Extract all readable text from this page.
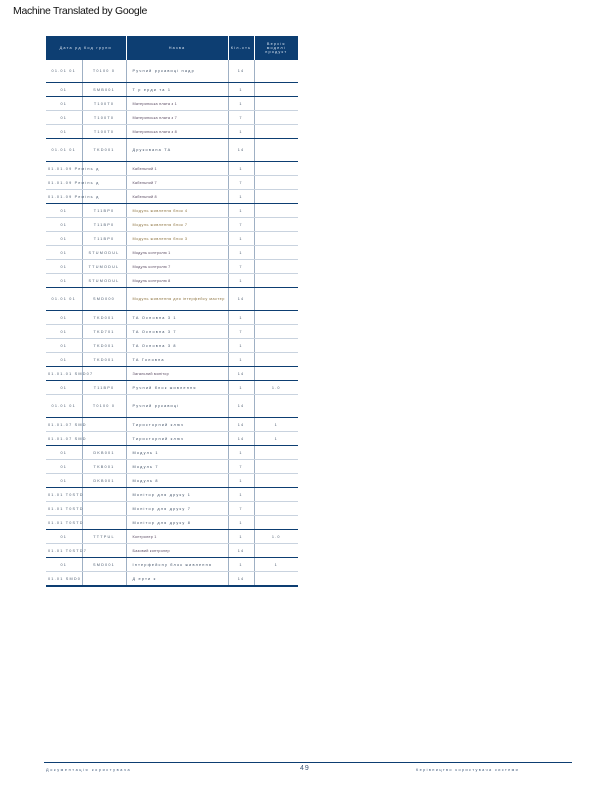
Machine Translated by Google
Дата рд Код групи		Назва	Кіл-сть	Версія моделі продукт
01.01 01	T0100 0	Ручний рукавиці надр	14	
01	SMB001	Т р ерди та 1	1	
01	T100T0	Материнська плата з 1	1	
01	T100T0	Материнська плата з 7	7	
01	T100T0	Материнська плата з 8	1	
01.01 01	TKD001	Друкована ТА	14	
01.01.09 Ремінь д		Кабельний 1	1	
01.01.09 Ремінь д		Кабельний 7	7	
01.01.09 Ремінь д		Кабельний 8	1	
01	T11BP0	Модуль живлення блок 4	1	
01	T11BP0	Модуль живлення блок 7	7	
01	T11BP0	Модуль живлення блок 3	1	
01	STUMODUL	Модуль контролю 1	1	
01	TTUMODUL	Модуль контролю 7	7	
01	STUMODUL	Модуль контролю 8	1	
01.01 01	SMD000	Модуль живлення для інтерфейсу мастер	14	
01	TKD001	ТА Основна 3 1	1	
01	TKD701	ТА Основна 3 7	7	
01	TKD001	ТА Основна 3 8	1	
01	TKD001	ТА Головна	1	
01.01.01 SMD07		Загальний монітор	14	
01	T11BP0	Ручний блок живлення	1	1.0
01.01 01	T0100 0	Ручний рукавиці	14	
01.01.07 SMD		Тиристорний ключ	14	1
01.01.07 SMD		Тиристорний ключ	14	1
01	DKB001	Модуль 1	1	
01	TKB001	Модуль 7	7	
01	DKB001	Модуль 8	1	
01.01 T0STD		Монітор для друку 1	1	
01.01 T0STD		Монітор для друку 7	7	
01.01 T0STD		Монітор для друку 8	1	
01	TTTPUL	Контролер 1	1	1.0
01.01 T0STD7		Базовий контролер	14	
01	SMD001	Інтерфейсну блок живлення	1	1
01.01 SMD0		Д ерти к	14	
Документація користувача	49	Керівництво користувача системи
